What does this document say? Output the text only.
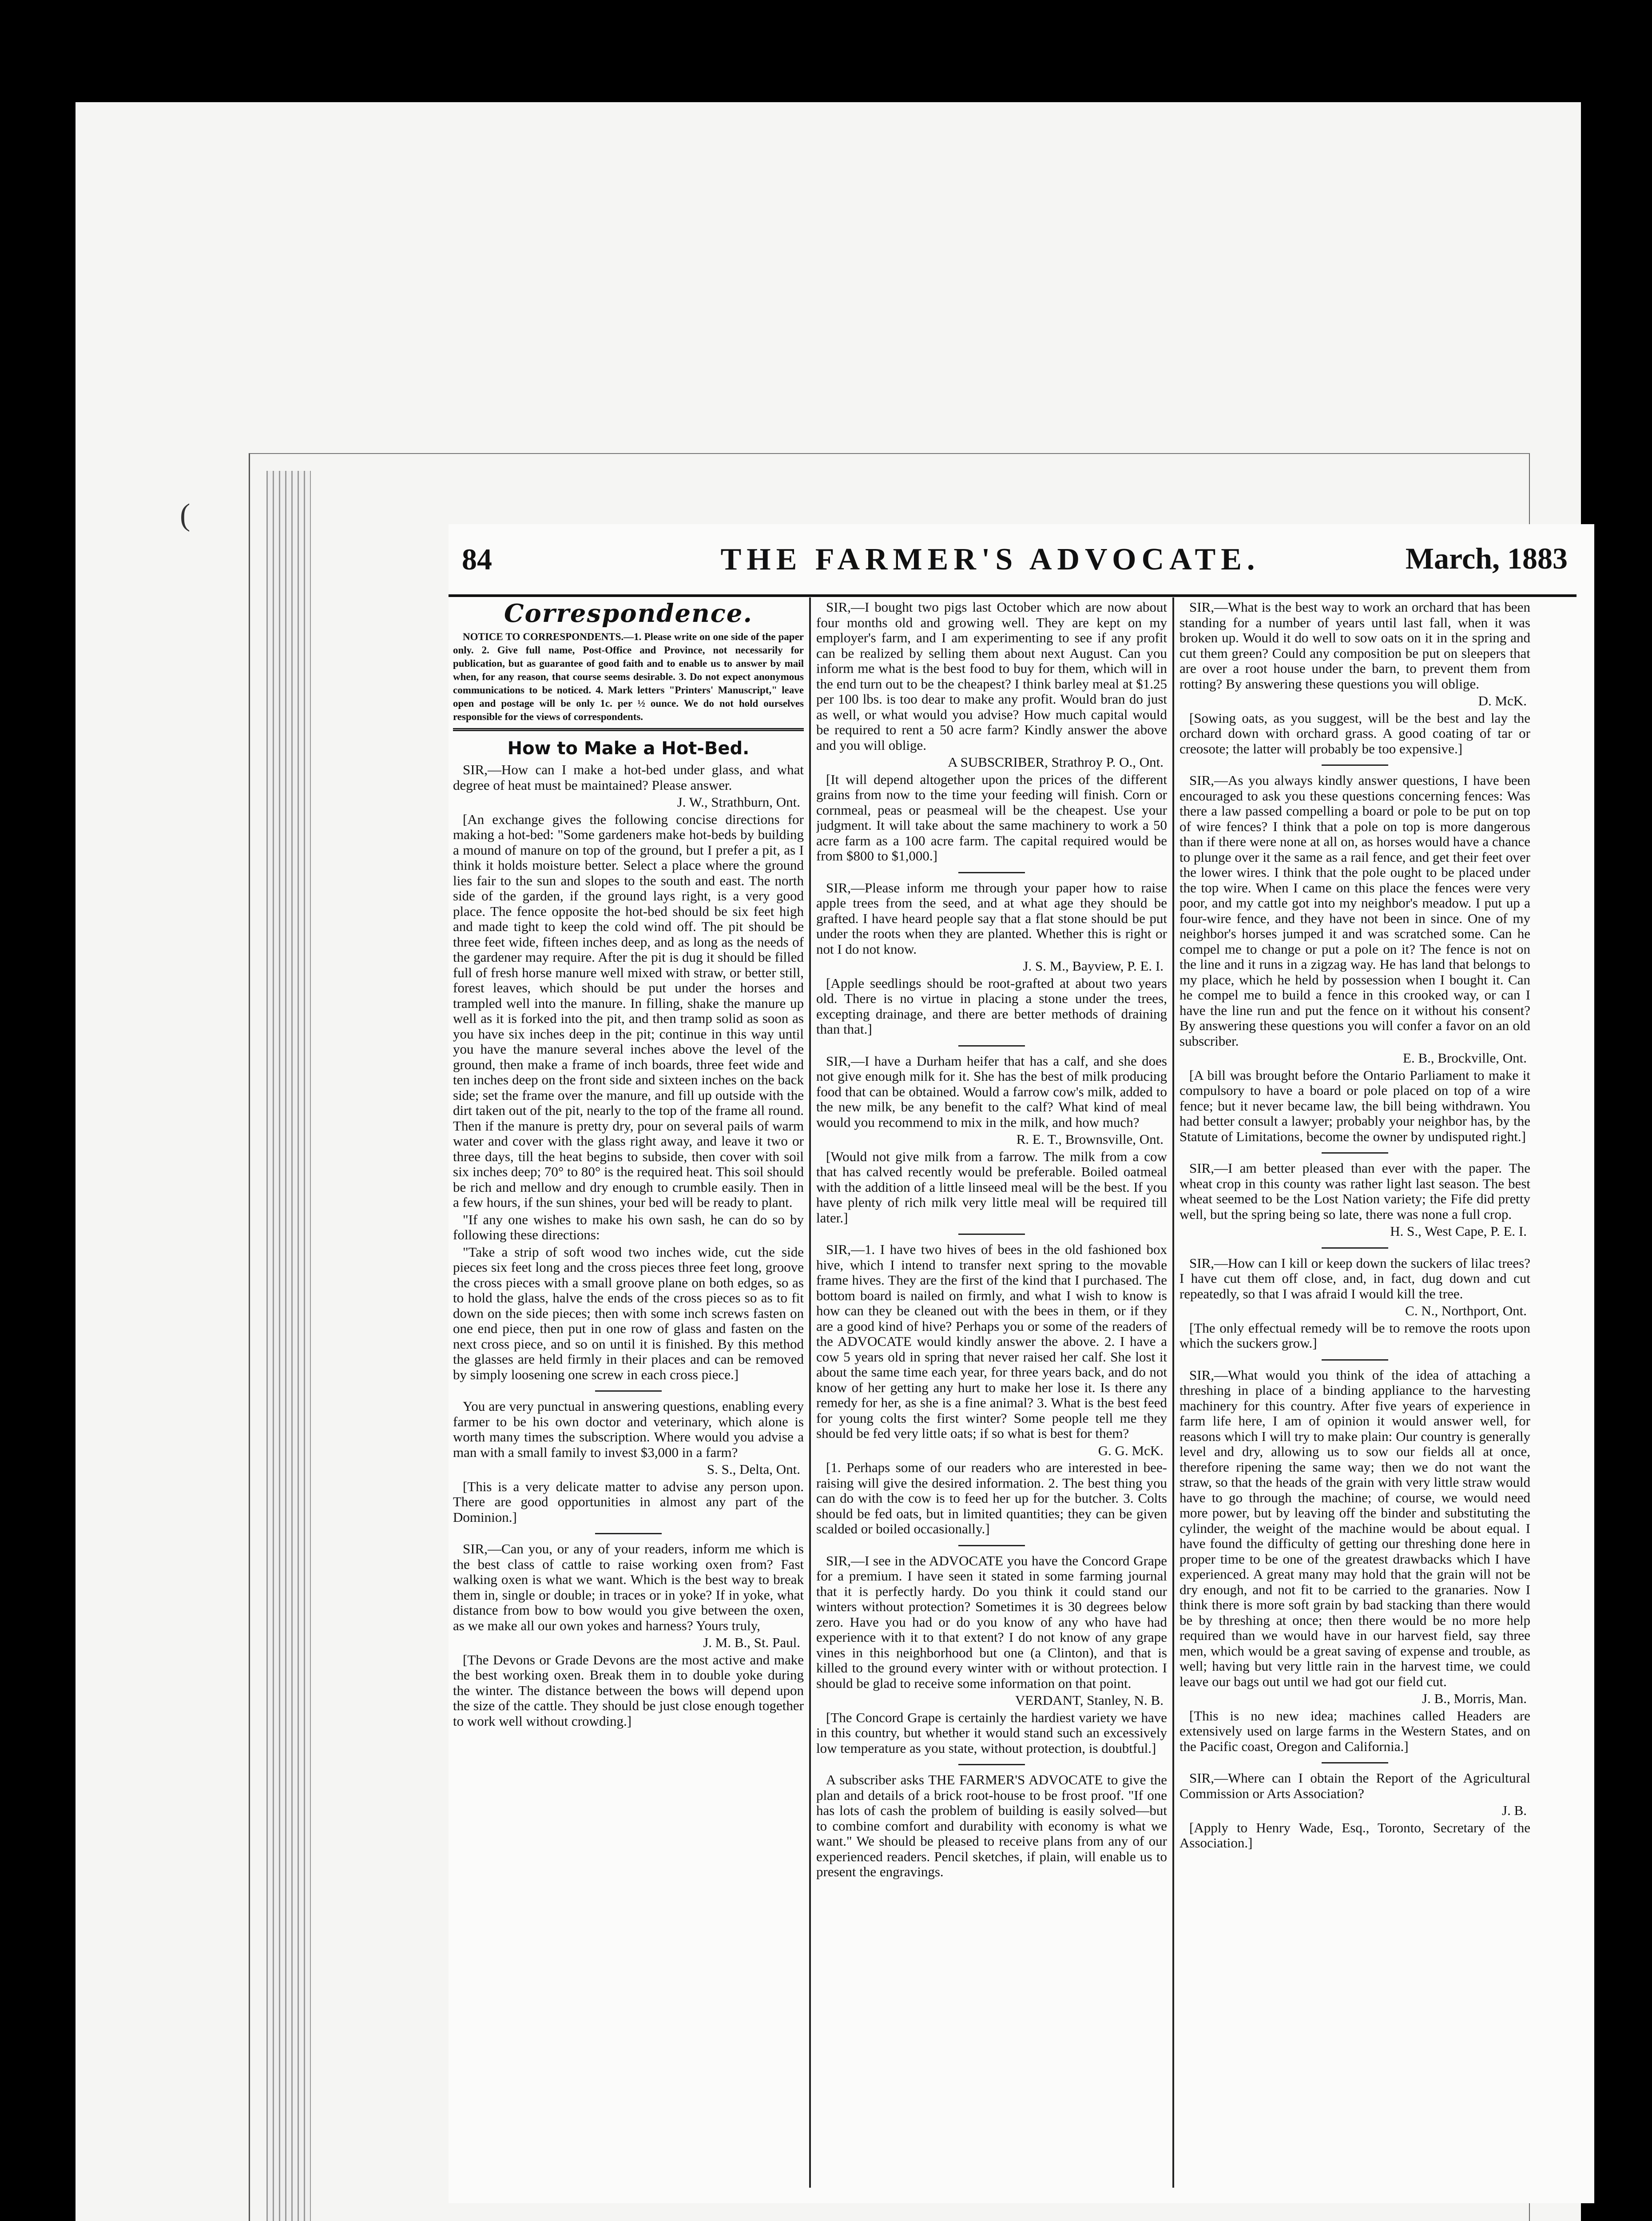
(
84	THE FARMER'S ADVOCATE.	March, 1883
Correspondence.

NOTICE TO CORRESPONDENTS.—1. Please write on one side of the paper only. 2. Give full name, Post-Office and Province, not necessarily for publication, but as guarantee of good faith and to enable us to answer by mail when, for any reason, that course seems desirable. 3. Do not expect anonymous communications to be noticed. 4. Mark letters "Printers' Manuscript," leave open and postage will be only 1c. per ½ ounce. We do not hold ourselves responsible for the views of correspondents.

How to Make a Hot-Bed.

SIR,—How can I make a hot-bed under glass, and what degree of heat must be maintained? Please answer.

J. W., Strathburn, Ont.

[An exchange gives the following concise directions for making a hot-bed: "Some gardeners make hot-beds by building a mound of manure on top of the ground, but I prefer a pit, as I think it holds moisture better. Select a place where the ground lies fair to the sun and slopes to the south and east. The north side of the garden, if the ground lays right, is a very good place. The fence opposite the hot-bed should be six feet high and made tight to keep the cold wind off. The pit should be three feet wide, fifteen inches deep, and as long as the needs of the gardener may require. After the pit is dug it should be filled full of fresh horse manure well mixed with straw, or better still, forest leaves, which should be put under the horses and trampled well into the manure. In filling, shake the manure up well as it is forked into the pit, and then tramp solid as soon as you have six inches deep in the pit; continue in this way until you have the manure several inches above the level of the ground, then make a frame of inch boards, three feet wide and ten inches deep on the front side and sixteen inches on the back side; set the frame over the manure, and fill up outside with the dirt taken out of the pit, nearly to the top of the frame all round. Then if the manure is pretty dry, pour on several pails of warm water and cover with the glass right away, and leave it two or three days, till the heat begins to subside, then cover with soil six inches deep; 70° to 80° is the required heat. This soil should be rich and mellow and dry enough to crumble easily. Then in a few hours, if the sun shines, your bed will be ready to plant.

"If any one wishes to make his own sash, he can do so by following these directions:

"Take a strip of soft wood two inches wide, cut the side pieces six feet long and the cross pieces three feet long, groove the cross pieces with a small groove plane on both edges, so as to hold the glass, halve the ends of the cross pieces so as to fit down on the side pieces; then with some inch screws fasten on one end piece, then put in one row of glass and fasten on the next cross piece, and so on until it is finished. By this method the glasses are held firmly in their places and can be removed by simply loosening one screw in each cross piece.]

You are very punctual in answering questions, enabling every farmer to be his own doctor and veterinary, which alone is worth many times the subscription. Where would you advise a man with a small family to invest $3,000 in a farm?

S. S., Delta, Ont.

[This is a very delicate matter to advise any person upon. There are good opportunities in almost any part of the Dominion.]

SIR,—Can you, or any of your readers, inform me which is the best class of cattle to raise working oxen from? Fast walking oxen is what we want. Which is the best way to break them in, single or double; in traces or in yoke? If in yoke, what distance from bow to bow would you give between the oxen, as we make all our own yokes and harness? Yours truly,

J. M. B., St. Paul.

[The Devons or Grade Devons are the most active and make the best working oxen. Break them in to double yoke during the winter. The distance between the bows will depend upon the size of the cattle. They should be just close enough together to work well without crowding.]

SIR,—I bought two pigs last October which are now about four months old and growing well. They are kept on my employer's farm, and I am experimenting to see if any profit can be realized by selling them about next August. Can you inform me what is the best food to buy for them, which will in the end turn out to be the cheapest? I think barley meal at $1.25 per 100 lbs. is too dear to make any profit. Would bran do just as well, or what would you advise? How much capital would be required to rent a 50 acre farm? Kindly answer the above and you will oblige.

A SUBSCRIBER, Strathroy P. O., Ont.

[It will depend altogether upon the prices of the different grains from now to the time your feeding will finish. Corn or cornmeal, peas or peasmeal will be the cheapest. Use your judgment. It will take about the same machinery to work a 50 acre farm as a 100 acre farm. The capital required would be from $800 to $1,000.]

SIR,—Please inform me through your paper how to raise apple trees from the seed, and at what age they should be grafted. I have heard people say that a flat stone should be put under the roots when they are planted. Whether this is right or not I do not know.

J. S. M., Bayview, P. E. I.

[Apple seedlings should be root-grafted at about two years old. There is no virtue in placing a stone under the trees, excepting drainage, and there are better methods of draining than that.]

SIR,—I have a Durham heifer that has a calf, and she does not give enough milk for it. She has the best of milk producing food that can be obtained. Would a farrow cow's milk, added to the new milk, be any benefit to the calf? What kind of meal would you recommend to mix in the milk, and how much?

R. E. T., Brownsville, Ont.

[Would not give milk from a farrow. The milk from a cow that has calved recently would be preferable. Boiled oatmeal with the addition of a little linseed meal will be the best. If you have plenty of rich milk very little meal will be required till later.]

SIR,—1. I have two hives of bees in the old fashioned box hive, which I intend to transfer next spring to the movable frame hives. They are the first of the kind that I purchased. The bottom board is nailed on firmly, and what I wish to know is how can they be cleaned out with the bees in them, or if they are a good kind of hive? Perhaps you or some of the readers of the ADVOCATE would kindly answer the above. 2. I have a cow 5 years old in spring that never raised her calf. She lost it about the same time each year, for three years back, and do not know of her getting any hurt to make her lose it. Is there any remedy for her, as she is a fine animal? 3. What is the best feed for young colts the first winter? Some people tell me they should be fed very little oats; if so what is best for them?

G. G. McK.

[1. Perhaps some of our readers who are interested in bee-raising will give the desired information. 2. The best thing you can do with the cow is to feed her up for the butcher. 3. Colts should be fed oats, but in limited quantities; they can be given scalded or boiled occasionally.]

SIR,—I see in the ADVOCATE you have the Concord Grape for a premium. I have seen it stated in some farming journal that it is perfectly hardy. Do you think it could stand our winters without protection? Sometimes it is 30 degrees below zero. Have you had or do you know of any who have had experience with it to that extent? I do not know of any grape vines in this neighborhood but one (a Clinton), and that is killed to the ground every winter with or without protection. I should be glad to receive some information on that point.

VERDANT, Stanley, N. B.

[The Concord Grape is certainly the hardiest variety we have in this country, but whether it would stand such an excessively low temperature as you state, without protection, is doubtful.]

A subscriber asks THE FARMER'S ADVOCATE to give the plan and details of a brick root-house to be frost proof. "If one has lots of cash the problem of building is easily solved—but to combine comfort and durability with economy is what we want." We should be pleased to receive plans from any of our experienced readers. Pencil sketches, if plain, will enable us to present the engravings.

SIR,—What is the best way to work an orchard that has been standing for a number of years until last fall, when it was broken up. Would it do well to sow oats on it in the spring and cut them green? Could any composition be put on sleepers that are over a root house under the barn, to prevent them from rotting? By answering these questions you will oblige.

D. McK.

[Sowing oats, as you suggest, will be the best and lay the orchard down with orchard grass. A good coating of tar or creosote; the latter will probably be too expensive.]

SIR,—As you always kindly answer questions, I have been encouraged to ask you these questions concerning fences: Was there a law passed compelling a board or pole to be put on top of wire fences? I think that a pole on top is more dangerous than if there were none at all on, as horses would have a chance to plunge over it the same as a rail fence, and get their feet over the lower wires. I think that the pole ought to be placed under the top wire. When I came on this place the fences were very poor, and my cattle got into my neighbor's meadow. I put up a four-wire fence, and they have not been in since. One of my neighbor's horses jumped it and was scratched some. Can he compel me to change or put a pole on it? The fence is not on the line and it runs in a zigzag way. He has land that belongs to my place, which he held by possession when I bought it. Can he compel me to build a fence in this crooked way, or can I have the line run and put the fence on it without his consent? By answering these questions you will confer a favor on an old subscriber.

E. B., Brockville, Ont.

[A bill was brought before the Ontario Parliament to make it compulsory to have a board or pole placed on top of a wire fence; but it never became law, the bill being withdrawn. You had better consult a lawyer; probably your neighbor has, by the Statute of Limitations, become the owner by undisputed right.]

SIR,—I am better pleased than ever with the paper. The wheat crop in this county was rather light last season. The best wheat seemed to be the Lost Nation variety; the Fife did pretty well, but the spring being so late, there was none a full crop.

H. S., West Cape, P. E. I.

SIR,—How can I kill or keep down the suckers of lilac trees? I have cut them off close, and, in fact, dug down and cut repeatedly, so that I was afraid I would kill the tree.

C. N., Northport, Ont.

[The only effectual remedy will be to remove the roots upon which the suckers grow.]

SIR,—What would you think of the idea of attaching a threshing in place of a binding appliance to the harvesting machinery for this country. After five years of experience in farm life here, I am of opinion it would answer well, for reasons which I will try to make plain: Our country is generally level and dry, allowing us to sow our fields all at once, therefore ripening the same way; then we do not want the straw, so that the heads of the grain with very little straw would have to go through the machine; of course, we would need more power, but by leaving off the binder and substituting the cylinder, the weight of the machine would be about equal. I have found the difficulty of getting our threshing done here in proper time to be one of the greatest drawbacks which I have experienced. A great many may hold that the grain will not be dry enough, and not fit to be carried to the granaries. Now I think there is more soft grain by bad stacking than there would be by threshing at once; then there would be no more help required than we would have in our harvest field, say three men, which would be a great saving of expense and trouble, as well; having but very little rain in the harvest time, we could leave our bags out until we had got our field cut.

J. B., Morris, Man.

[This is no new idea; machines called Headers are extensively used on large farms in the Western States, and on the Pacific coast, Oregon and California.]

SIR,—Where can I obtain the Report of the Agricultural Commission or Arts Association?

J. B.

[Apply to Henry Wade, Esq., Toronto, Secretary of the Association.]
